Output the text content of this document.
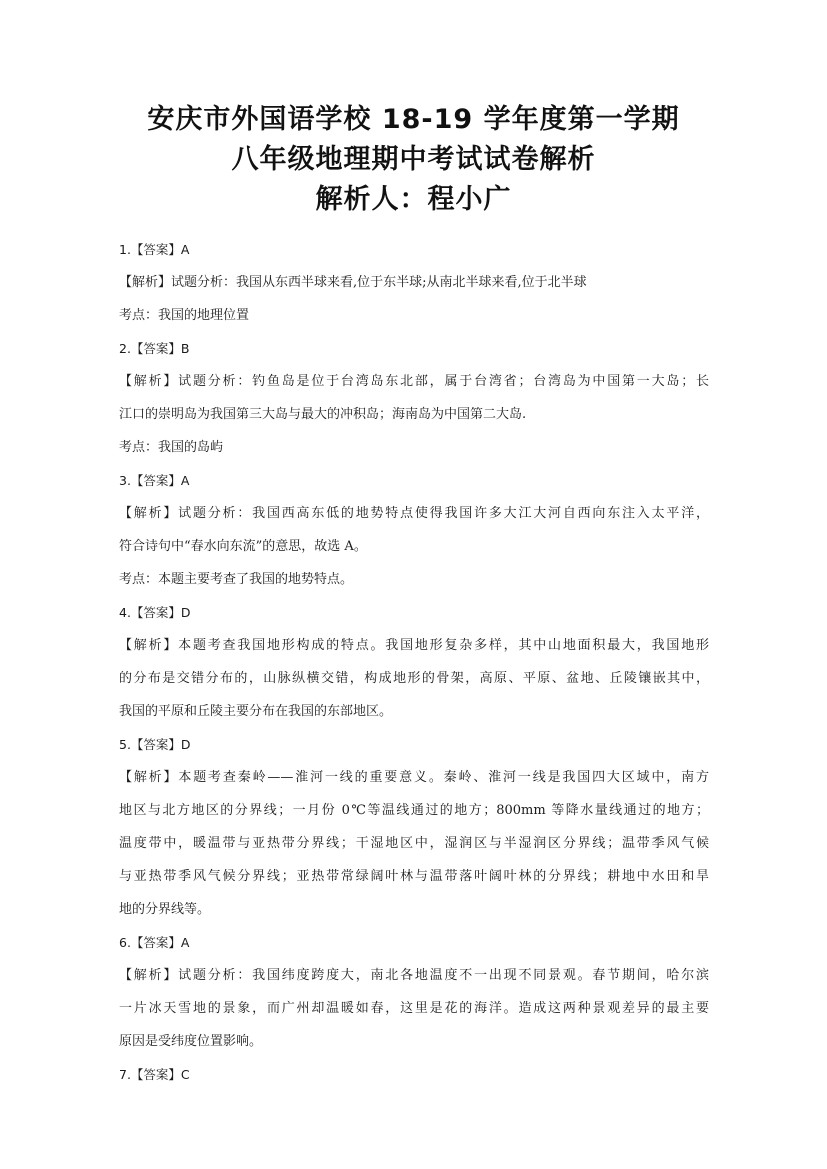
安庆市外国语学校 18-19 学年度第一学期
八年级地理期中考试试卷解析
解析人：程小广
1.【答案】A
【解析】试题分析：我国从东西半球来看,位于东半球;从南北半球来看,位于北半球
考点：我国的地理位置
2.【答案】B
【解析】试题分析：钓鱼岛是位于台湾岛东北部，属于台湾省；台湾岛为中国第一大岛；长
江口的崇明岛为我国第三大岛与最大的冲积岛；海南岛为中国第二大岛.
考点：我国的岛屿
3.【答案】A
【解析】试题分析：我国西高东低的地势特点使得我国许多大江大河自西向东注入太平洋，
符合诗句中“春水向东流”的意思，故选 A。
考点：本题主要考查了我国的地势特点。
4.【答案】D
【解析】本题考查我国地形构成的特点。我国地形复杂多样，其中山地面积最大，我国地形
的分布是交错分布的，山脉纵横交错，构成地形的骨架，高原、平原、盆地、丘陵镶嵌其中，
我国的平原和丘陵主要分布在我国的东部地区。
5.【答案】D
【解析】本题考查秦岭——淮河一线的重要意义。秦岭、淮河一线是我国四大区域中，南方
地区与北方地区的分界线；一月份 0℃等温线通过的地方；800mm 等降水量线通过的地方；
温度带中，暖温带与亚热带分界线；干湿地区中，湿润区与半湿润区分界线；温带季风气候
与亚热带季风气候分界线；亚热带常绿阔叶林与温带落叶阔叶林的分界线；耕地中水田和旱
地的分界线等。
6.【答案】A
【解析】试题分析：我国纬度跨度大，南北各地温度不一出现不同景观。春节期间，哈尔滨
一片冰天雪地的景象，而广州却温暖如春，这里是花的海洋。造成这两种景观差异的最主要
原因是受纬度位置影响。
7.【答案】C
